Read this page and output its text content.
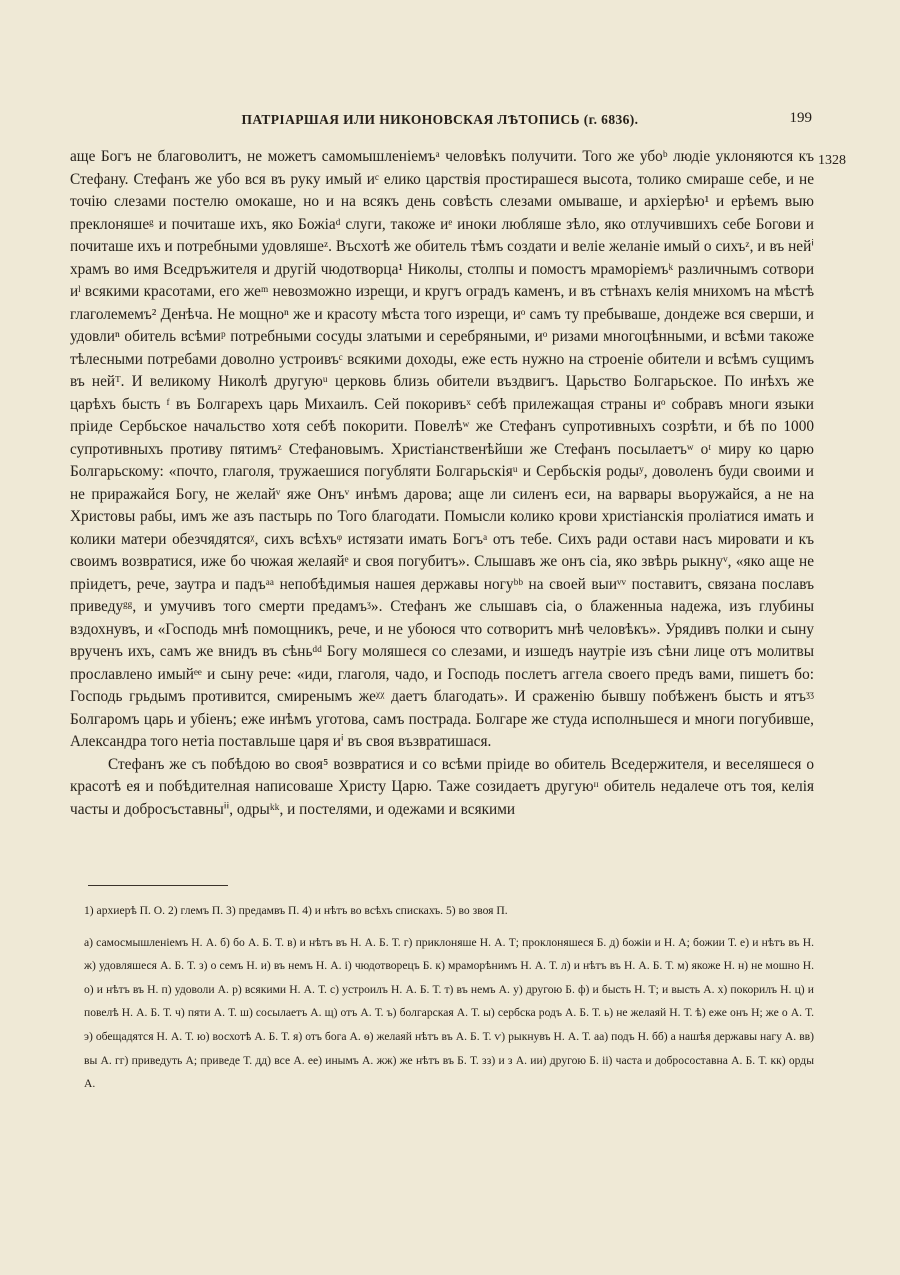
ПАТРІАРШАЯ ИЛИ НИКОНОВСКАЯ ЛѢТОПИСЬ (г. 6836).	199
1328

аще Богъ не благоволитъ, не можетъ самомышленіемъᵃ человѣкъ получити. Того же убоᵇ людіе уклоняются къ Стефану. Стефанъ же убо вся въ руку имый иᶜ елико царствія простирашеся высота, толико смираше себе, и не точію слезами постелю омокаше, но и на всякъ день совѣсть слезами омываше, и архіерѣю¹ и ерѣемъ выю преклоняшеᵍ и почиташе ихъ, яко Божіаᵈ слуги, такоже иᵉ иноки любляше зѣло, яко отлучившихъ себе Богови и почиташе ихъ и потребными удовляшеᶻ. Въсхотѣ же обитель тѣмъ создати и веліе желаніе имый о сихъᶻ, и въ нейⁱ храмъ во имя Вседръжителя и другій чюдотворца¹ Николы, столпы и помостъ мраморіемъᵏ различнымъ сотвори иˡ всякими красотами, его жеᵐ невозможно изрещи, и кругъ оградъ каменъ, и въ стѣнахъ келія мнихомъ на мѣстѣ глаголемемъ² Денѣча. Не мощноⁿ же и красоту мѣста того изрещи, иᵒ самъ ту пребываше, дондеже вся сверши, и удовлиⁿ обитель всѣмиᵖ потребными сосуды златыми и серебряными, иᵒ ризами многоцѣнными, и всѣми такоже тѣлесными потребами доволно устроивъᶜ всякими доходы, еже есть нужно на строеніе обители и всѣмъ сущимъ въ нейᵀ. И великому Николѣ другуюᵘ церковь близь обители въздвигъ. Царьство Болгарьское. По инѣхъ же царѣхъ бысть ᶠ въ Болгарехъ царь Михаилъ. Сей покоривъˣ себѣ прилежащая страны иᵒ собравъ многи языки пріиде Сербьское начальство хотя себѣ покорити. Повелѣʷ же Стефанъ супротивныхъ созрѣти, и бѣ по 1000 супротивныхъ противу пятимъᶻ Стефановымъ. Христіанственѣйши же Стефанъ посылаетъʷ оᵗ миру ко царю Болгарьскому: «почто, глаголя, тружаешися погубляти Болгарьскіяᵘ и Сербьскія родыʸ, доволенъ буди своими и не приражайся Богу, не желайᵛ яже Онъᵛ инѣмъ дарова; аще ли силенъ еси, на варвары вьоружайся, а не на Христовы рабы, имъ же азъ пастырь по Того благодати. Помысли колико крови христіанскія проліатися имать и колики матери обезчядятсяᵡ, сихъ всѣхъᵠ истязати имать Богъᵃ отъ тебе. Сихъ ради остави насъ мировати и къ своимъ возвратися, иже бо чюжая желаяйᵉ и своя погубитъ». Слышавъ же онъ сіа, яко звѣрь рыкнуᵛ, «яко аще не пріидетъ, рече, заутра и падъᵃᵃ непобѣдимыя нашея державы ногуᵇᵇ на своей выиᵛᵛ поставитъ, связана пославъ приведуᵍᵍ, и умучивъ того смерти предамъᶾ». Стефанъ же слышавъ сіа, о блаженныа надежа, изъ глубины вздохнувъ, и «Господь мнѣ помощникъ, рече, и не убоюся что сотворитъ мнѣ человѣкъ». Урядивъ полки и сыну врученъ ихъ, самъ же внидъ въ сѣньᵈᵈ Богу моляшеся со слезами, и изшедъ наутріе изъ сѣни лице отъ молитвы прославлено имыйᵉᵉ и сыну рече: «иди, глаголя, чадо, и Господь послетъ аггела своего предъ вами, пишетъ бо: Господь грьдымъ противится, смиренымъ жеᵡᵡ даетъ благодать». И сраженію бывшу побѣженъ бысть и ятъᶾᶾ Болгаромъ царь и убіенъ; еже инѣмъ уготова, самъ пострада. Болгаре же студа исполньшеся и многи погубивше, Александра того нетіа поставльше царя иⁱ въ своя възвратишася.

Стефанъ же съ побѣдою во своя⁵ возвратися и со всѣми пріиде во обитель Вседержителя, и веселяшеся о красотѣ ея и побѣдителная написоваше Христу Царю. Таже созидаетъ другуюᶦᶦ обитель недалече отъ тоя, келія часты и добросъставныⁱⁱ, одрыᵏᵏ, и постелями, и одежами и всякими

1) архиерѣ П. О. 2) глемъ П. 3) предамвъ П. 4) и нѣтъ во всѣхъ спискахъ. 5) во звоя П.

а) самосмышленіемъ Н. А. б) бо А. Б. Т. в) и нѣтъ въ Н. А. Б. Т. г) приклоняше Н. А. Т; проклоняшеся Б. д) божіи и Н. А; божии Т. е) и нѣтъ въ Н. ж) удовляшеся А. Б. Т. з) о семъ Н. и) въ немъ Н. А. і) чюдотворецъ Б. к) мраморѣнимъ Н. А. Т. л) и нѣтъ въ Н. А. Б. Т. м) якоже Н. н) не мошно Н. о) и нѣтъ въ Н. п) удоволи А. р) всякими Н. А. Т. с) устроилъ Н. А. Б. Т. т) въ немъ А. у) другою Б. ф) и бысть Н. Т; и высть А. х) покорилъ Н. ц) и повелѣ Н. А. Б. Т. ч) пяти А. Т. ш) сосылаетъ А. щ) отъ А. Т. ъ) болгарская А. Т. ы) сербска родъ А. Б. Т. ь) не желаяй Н. Т. ѣ) еже онъ Н; же о А. Т. э) обещадятся Н. А. Т. ю) восхотѣ А. Б. Т. я) отъ бога А. ѳ) желаяй нѣтъ въ А. Б. Т. ѵ) рыкнувъ Н. А. Т. аа) подъ Н. бб) а нашѣя державы нагу А. вв) вы А. гг) приведуть А; приведе Т. дд) все А. ее) инымъ А. жж) же нѣтъ въ Б. Т. зз) и з А. ии) другою Б. іі) часта и добросоставна А. Б. Т. кк) орды А.
